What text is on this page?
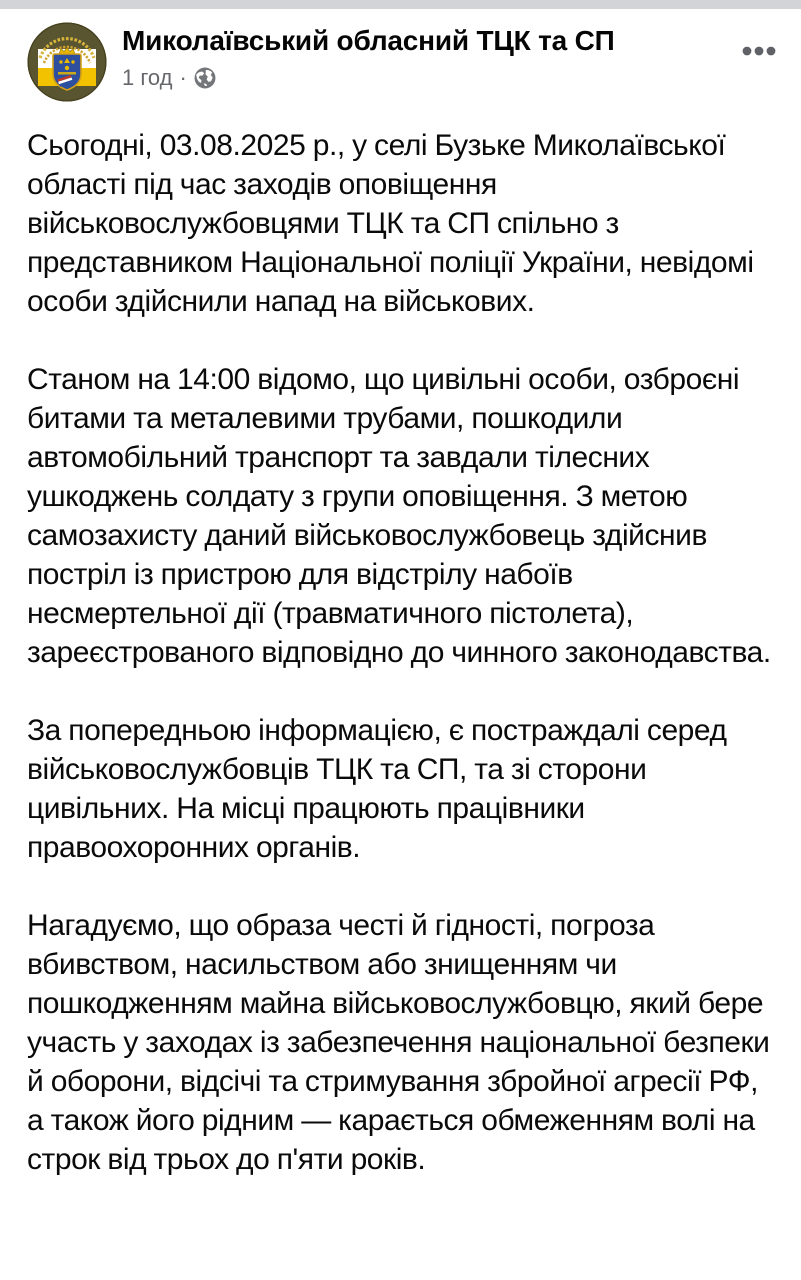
Миколаївський обласний ТЦК та СП
1 год ·

Сьогодні, 03.08.2025 р., у селі Бузьке Миколаївської області під час заходів оповіщення військовослужбовцями ТЦК та СП спільно з представником Національної поліції України, невідомі особи здійснили напад на військових.

Станом на 14:00 відомо, що цивільні особи, озброєні битами та металевими трубами, пошкодили автомобільний транспорт та завдали тілесних ушкоджень солдату з групи оповіщення. З метою самозахисту даний військовослужбовець здійснив постріл із пристрою для відстрілу набоїв несмертельної дії (травматичного пістолета), зареєстрованого відповідно до чинного законодавства.

За попередньою інформацією, є постраждалі серед військовослужбовців ТЦК та СП, та зі сторони цивільних. На місці працюють працівники правоохоронних органів.

Нагадуємо, що образа честі й гідності, погроза вбивством, насильством або знищенням чи пошкодженням майна військовослужбовцю, який бере участь у заходах із забезпечення національної безпеки й оборони, відсічі та стримування збройної агресії РФ, а також його рідним — карається обмеженням волі на строк від трьох до п'яти років.
